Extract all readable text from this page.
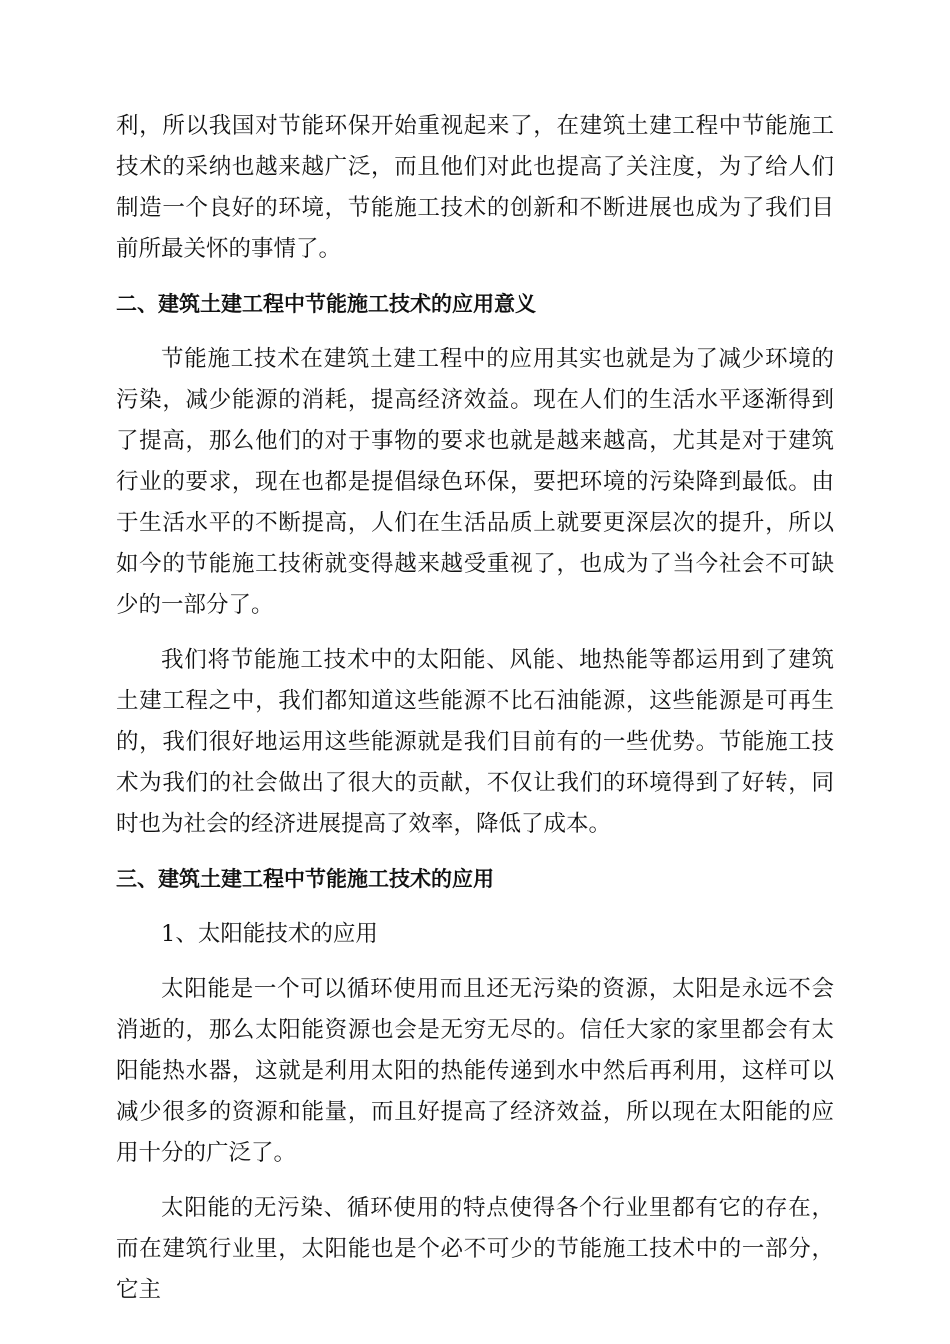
利，所以我国对节能环保开始重视起来了，在建筑土建工程中节能施工技术的采纳也越来越广泛，而且他们对此也提高了关注度，为了给人们制造一个良好的环境，节能施工技术的创新和不断进展也成为了我们目前所最关怀的事情了。

二、建筑土建工程中节能施工技术的应用意义

节能施工技术在建筑土建工程中的应用其实也就是为了减少环境的污染，减少能源的消耗，提高经济效益。现在人们的生活水平逐渐得到了提高，那么他们的对于事物的要求也就是越来越高，尤其是对于建筑行业的要求，现在也都是提倡绿色环保，要把环境的污染降到最低。由于生活水平的不断提高，人们在生活品质上就要更深层次的提升，所以如今的节能施工技術就变得越来越受重视了，也成为了当今社会不可缺少的一部分了。

我们将节能施工技术中的太阳能、风能、地热能等都运用到了建筑土建工程之中，我们都知道这些能源不比石油能源，这些能源是可再生的，我们很好地运用这些能源就是我们目前有的一些优势。节能施工技术为我们的社会做出了很大的贡献，不仅让我们的环境得到了好转，同时也为社会的经济进展提高了效率，降低了成本。

三、建筑土建工程中节能施工技术的应用

1、太阳能技术的应用

太阳能是一个可以循环使用而且还无污染的资源，太阳是永远不会消逝的，那么太阳能资源也会是无穷无尽的。信任大家的家里都会有太阳能热水器，这就是利用太阳的热能传递到水中然后再利用，这样可以减少很多的资源和能量，而且好提高了经济效益，所以现在太阳能的应用十分的广泛了。

太阳能的无污染、循环使用的特点使得各个行业里都有它的存在，而在建筑行业里，太阳能也是个必不可少的节能施工技术中的一部分，它主
